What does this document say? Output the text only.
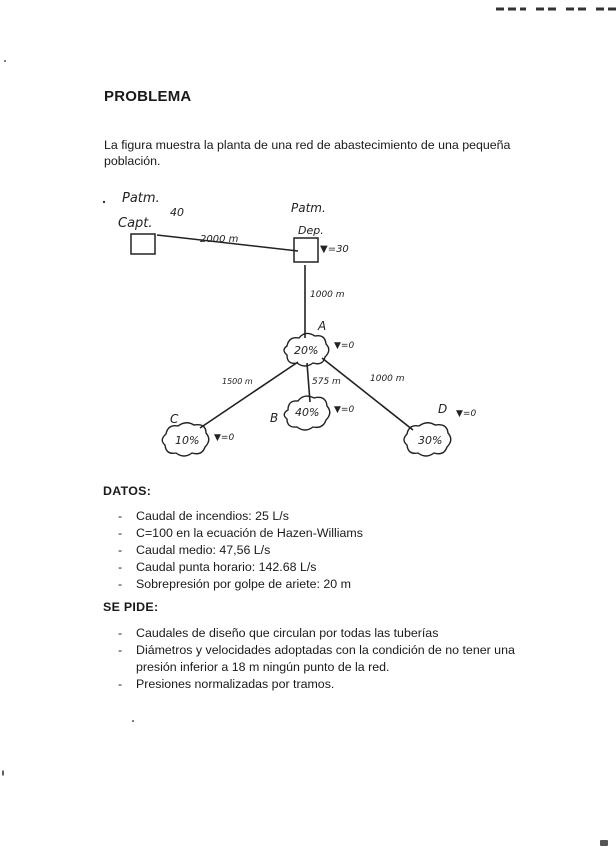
PROBLEMA
La figura muestra la planta de una red de abastecimiento de una pequeña población.
Patm.
Capt.
40	Patm.
Dep.
▼=30
2000 m
1000 m
1500 m	575 m	1000 m
A
20% ▼=0
B 40% ▼=0
C
10% ▼=0
D
30%
▼=0
DATOS:
- Caudal de incendios: 25 L/s
- C=100 en la ecuación de Hazen-Williams
- Caudal medio: 47,56 L/s
- Caudal punta horario: 142.68 L/s
- Sobrepresión por golpe de ariete: 20 m
SE PIDE:
- Caudales de diseño que circulan por todas las tuberías
- Diámetros y velocidades adoptadas con la condición de no tener una presión inferior a 18 m ningún punto de la red.
- Presiones normalizadas por tramos.
